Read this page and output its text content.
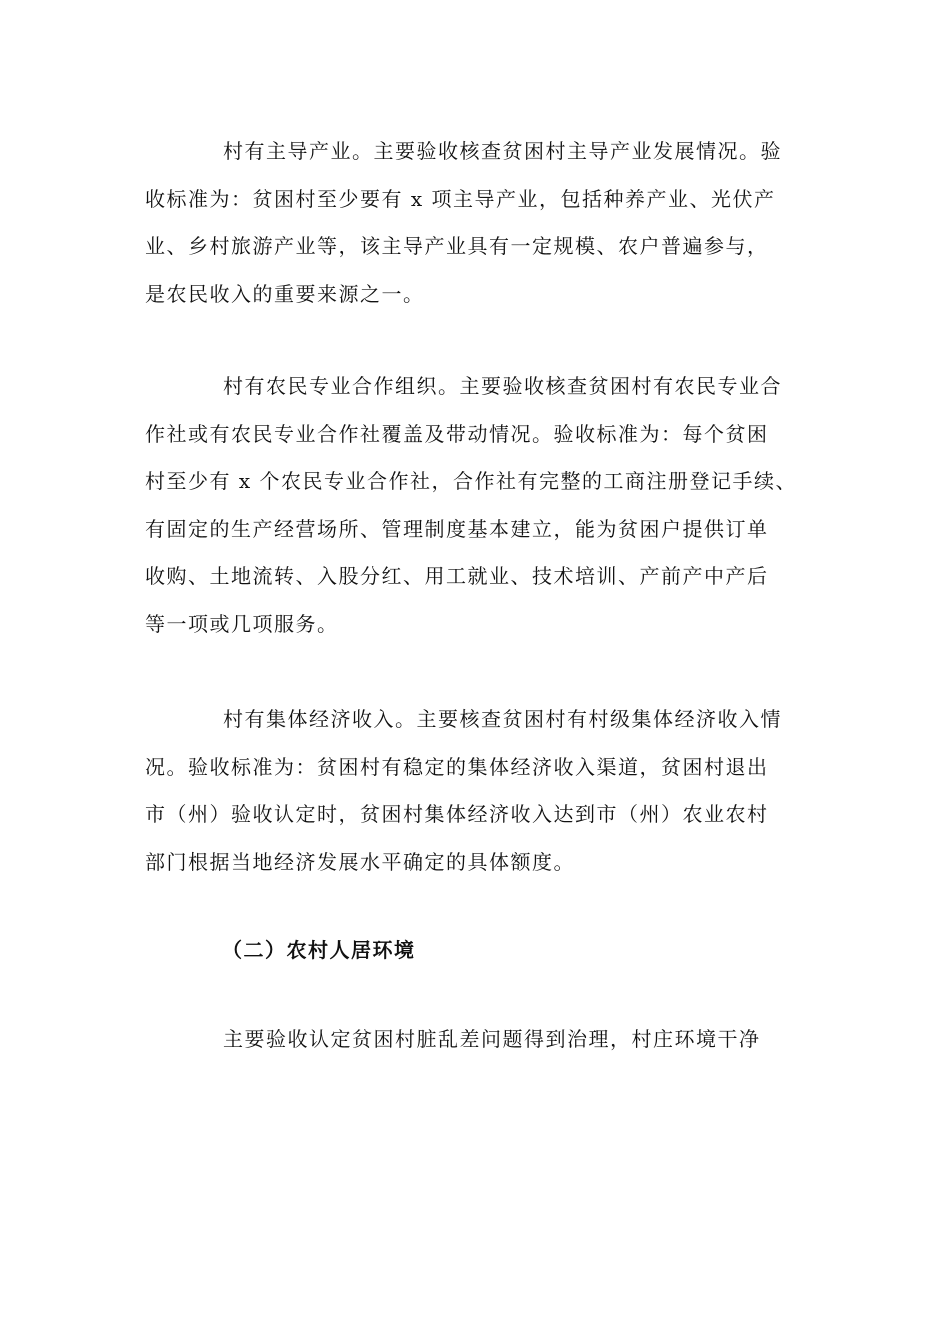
村有主导产业。主要验收核查贫困村主导产业发展情况。验
收标准为：贫困村至少要有 x 项主导产业，包括种养产业、光伏产
业、乡村旅游产业等，该主导产业具有一定规模、农户普遍参与，
是农民收入的重要来源之一。
村有农民专业合作组织。主要验收核查贫困村有农民专业合
作社或有农民专业合作社覆盖及带动情况。验收标准为：每个贫困
村至少有 x 个农民专业合作社，合作社有完整的工商注册登记手续、
有固定的生产经营场所、管理制度基本建立，能为贫困户提供订单
收购、土地流转、入股分红、用工就业、技术培训、产前产中产后
等一项或几项服务。
村有集体经济收入。主要核查贫困村有村级集体经济收入情
况。验收标准为：贫困村有稳定的集体经济收入渠道，贫困村退出
市（州）验收认定时，贫困村集体经济收入达到市（州）农业农村
部门根据当地经济发展水平确定的具体额度。
（二）农村人居环境
主要验收认定贫困村脏乱差问题得到治理，村庄环境干净
